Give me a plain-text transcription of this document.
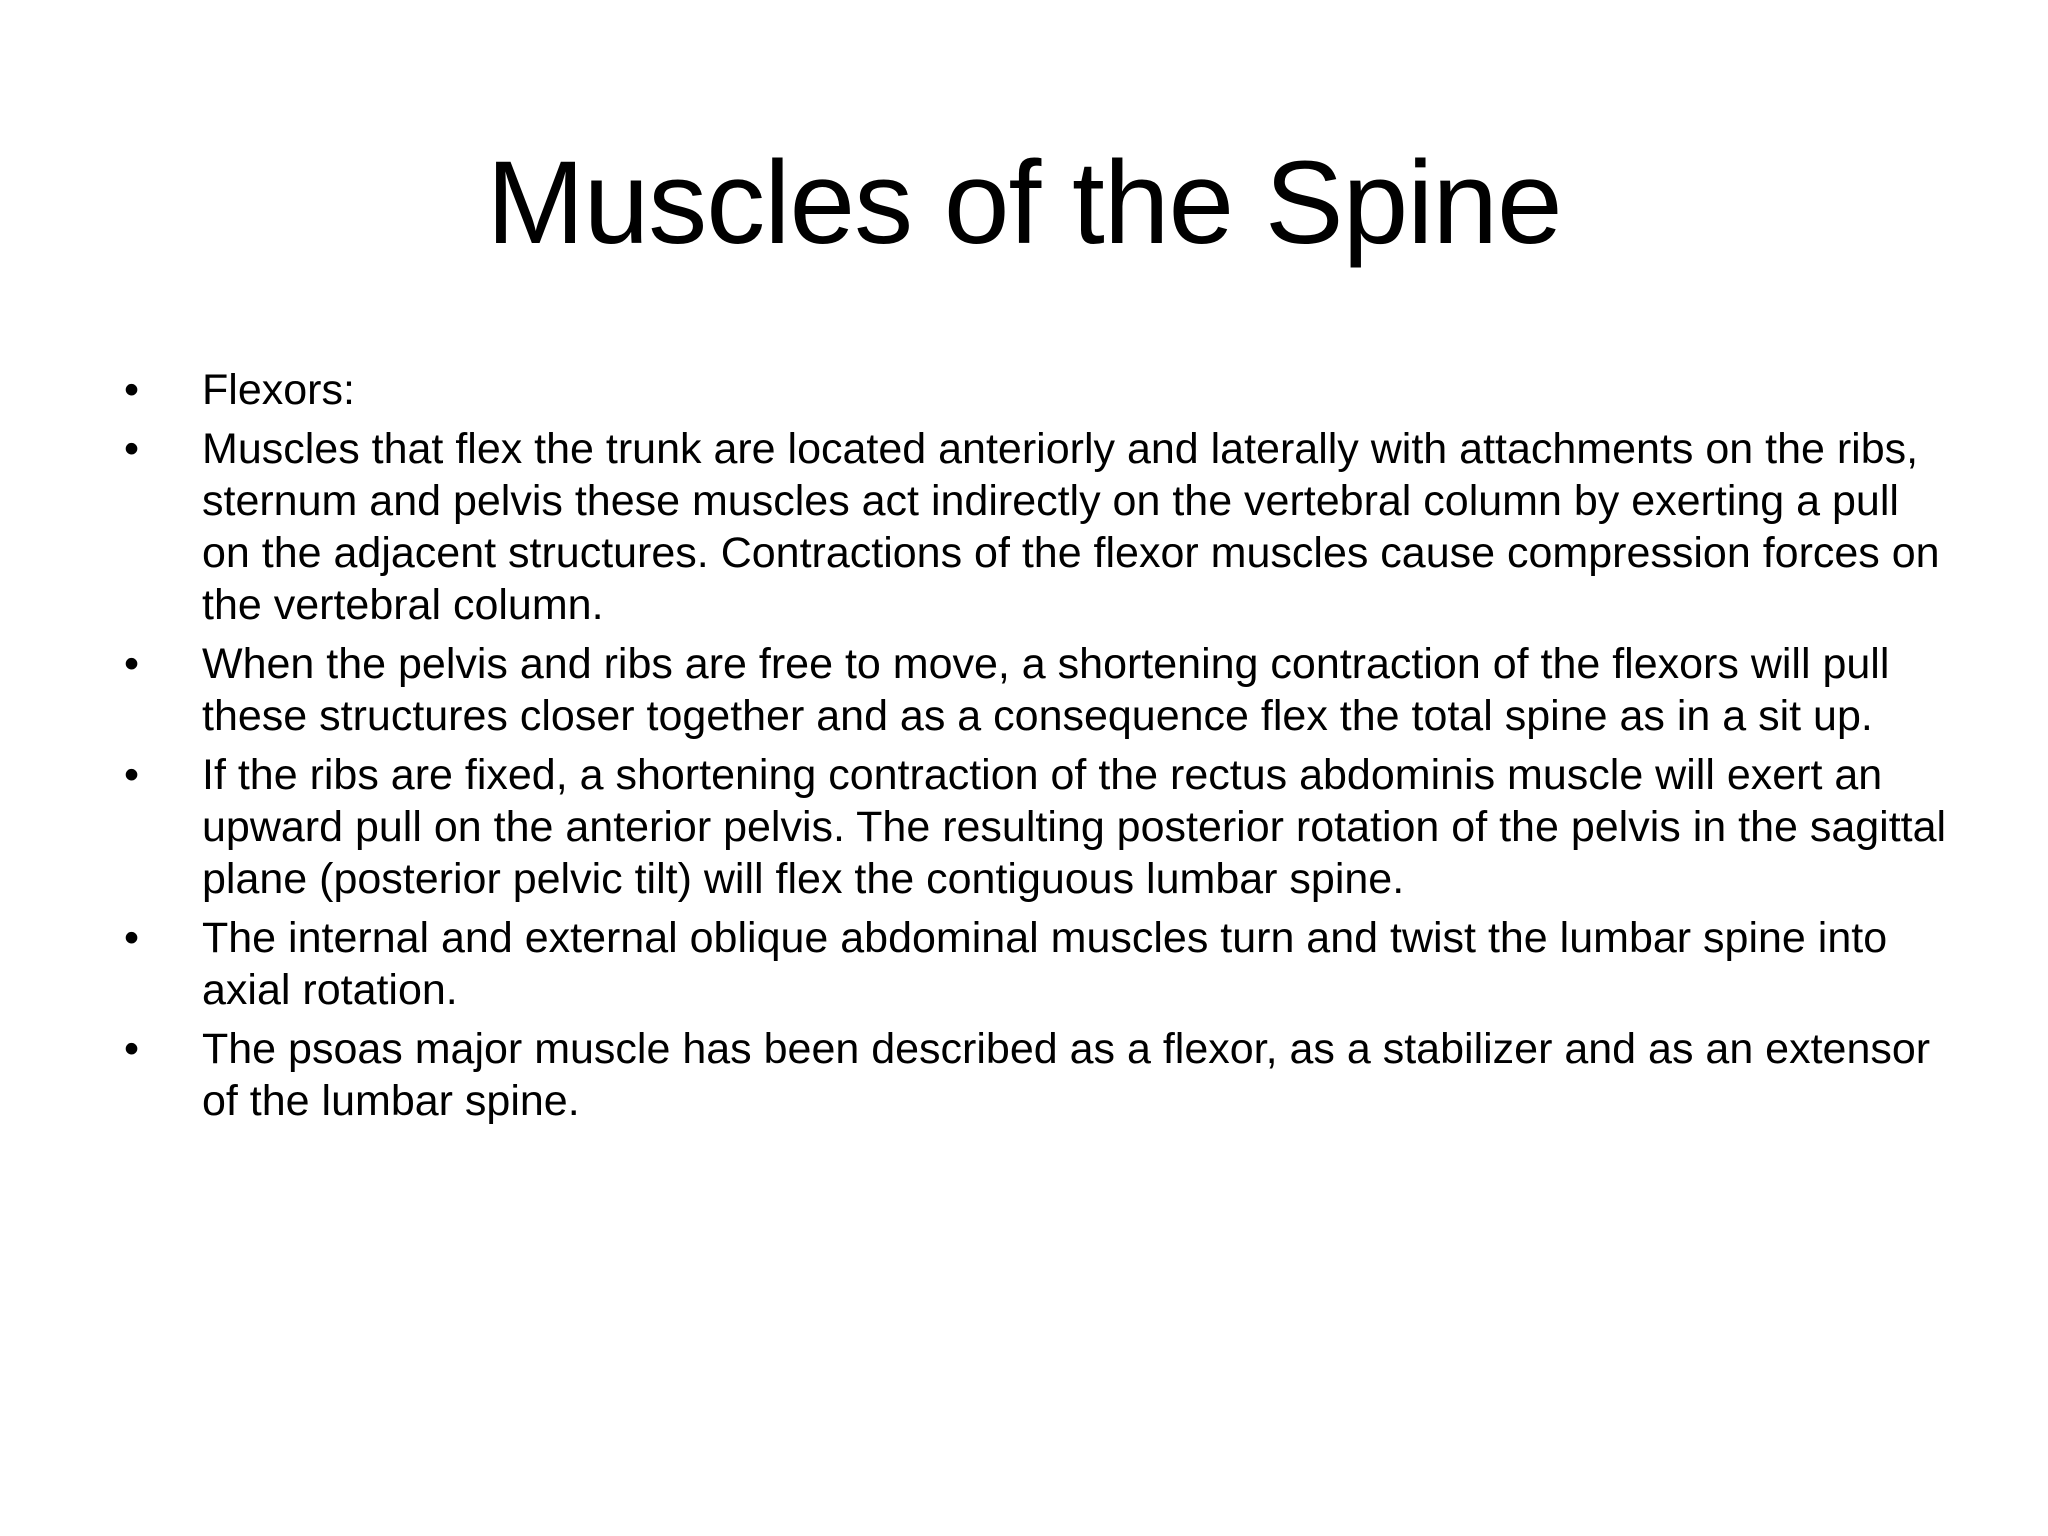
Muscles of the Spine
•	Flexors:
•	Muscles that flex the trunk are located anteriorly and laterally with attachments on the ribs, sternum and pelvis these muscles act indirectly on the vertebral column by exerting a pull on the adjacent structures. Contractions of the flexor muscles cause compression forces on the vertebral column.
•	When the pelvis and ribs are free to move, a shortening contraction of the flexors will pull these structures closer together and as a consequence flex the total spine as in a sit up.
•	If the ribs are fixed, a shortening contraction of the rectus abdominis muscle will exert an upward pull on the anterior pelvis. The resulting posterior rotation of the pelvis in the sagittal plane (posterior pelvic tilt) will flex the contiguous lumbar spine.
•	The internal and external oblique abdominal muscles turn and twist the lumbar spine into axial rotation.
•	The psoas major muscle has been described as a flexor, as a stabilizer and as an extensor of the lumbar spine.
